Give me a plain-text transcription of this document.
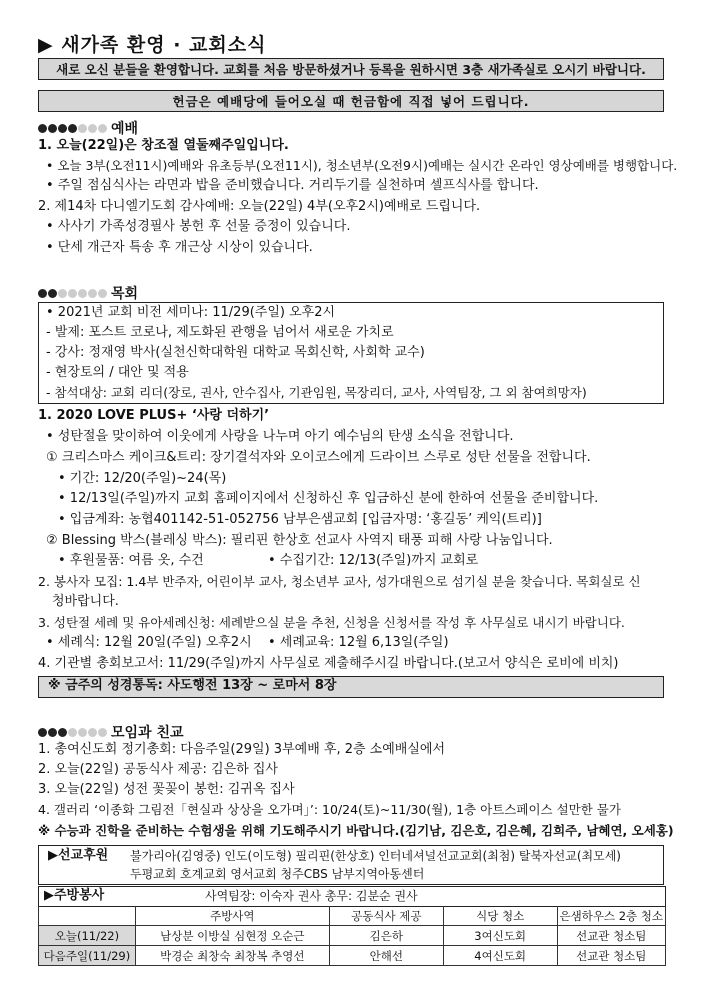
▶ 새가족 환영 · 교회소식
새로 오신 분들을 환영합니다. 교회를 처음 방문하셨거나 등록을 원하시면 3층 새가족실로 오시기 바랍니다.
헌금은 예배당에 들어오실 때 헌금함에 직접 넣어 드립니다.
예배
1. 오늘(22일)은 창조절 열둘째주일입니다.
• 오늘 3부(오전11시)예배와 유초등부(오전11시), 청소년부(오전9시)예배는 실시간 온라인 영상예배를 병행합니다.
• 주일 점심식사는 라면과 밥을 준비했습니다. 거리두기를 실천하며 셀프식사를 합니다.
2. 제14차 다니엘기도회 감사예배: 오늘(22일) 4부(오후2시)예배로 드립니다.
• 사사기 가족성경필사 봉헌 후 선물 증정이 있습니다.
• 단세 개근자 특송 후 개근상 시상이 있습니다.
목회
• 2021년 교회 비전 세미나: 11/29(주일) 오후2시
- 발제: 포스트 코로나, 제도화된 관행을 넘어서 새로운 가치로
- 강사: 정재영 박사(실천신학대학원 대학교 목회신학, 사회학 교수)
- 현장토의 / 대안 및 적용
- 참석대상: 교회 리더(장로, 권사, 안수집사, 기관임원, 목장리더, 교사, 사역팀장, 그 외 참여희망자)
1. 2020 LOVE PLUS+ ‘사랑 더하기’
• 성탄절을 맞이하여 이웃에게 사랑을 나누며 아기 예수님의 탄생 소식을 전합니다.
① 크리스마스 케이크&트리: 장기결석자와 오이코스에게 드라이브 스루로 성탄 선물을 전합니다.
• 기간: 12/20(주일)~24(목)
• 12/13일(주일)까지 교회 홈페이지에서 신청하신 후 입금하신 분에 한하여 선물을 준비합니다.
• 입금계좌: 농협401142-51-052756 남부은샘교회 [입금자명: ‘홍길동’ 케익(트리)]
② Blessing 박스(블레싱 박스): 필리핀 한상호 선교사 사역지 태풍 피해 사랑 나눔입니다.
• 후원물품: 여름 옷, 수건	• 수집기간: 12/13(주일)까지 교회로
2. 봉사자 모집: 1.4부 반주자, 어린이부 교사, 청소년부 교사, 성가대원으로 섬기실 분을 찾습니다. 목회실로 신
청바랍니다.
3. 성탄절 세례 및 유아세례신청: 세례받으실 분을 추천, 신청을 신청서를 작성 후 사무실로 내시기 바랍니다.
• 세례식: 12월 20일(주일) 오후2시 • 세례교육: 12월 6,13일(주일)
4. 기관별 총회보고서: 11/29(주일)까지 사무실로 제출해주시길 바랍니다.(보고서 양식은 로비에 비치)
※ 금주의 성경통독: 사도행전 13장 ~ 로마서 8장
모임과 친교
1. 총여신도회 정기총회: 다음주일(29일) 3부예배 후, 2층 소예배실에서
2. 오늘(22일) 공동식사 제공: 김은하 집사
3. 오늘(22일) 성전 꽃꽂이 봉헌: 김귀옥 집사
4. 갤러리 ‘이종화 그림전「현실과 상상을 오가며」’: 10/24(토)~11/30(월), 1층 아트스페이스 설만한 물가
※ 수능과 진학을 준비하는 수험생을 위해 기도해주시기 바랍니다.(김기남, 김은호, 김은혜, 김희주, 남혜연, 오세홍)
▶선교후원 불가리아(김영중) 인도(이도형) 필리핀(한상호) 인터네셔널선교교회(최첨) 탈북자선교(최모세)
두평교회 호계교회 영서교회 청주CBS 남부지역아동센터
▶주방봉사	사역팀장: 이숙자 권사 총무: 김분순 권사
	주방사역	공동식사 제공	식당 청소	은샘하우스 2층 청소
오늘(11/22)	남상분 이방실 심현정 오순근	김은하	3여신도회	선교관 청소팀
다음주일(11/29)	박경순 최창숙 최창복 추영선	안해선	4여신도회	선교관 청소팀
